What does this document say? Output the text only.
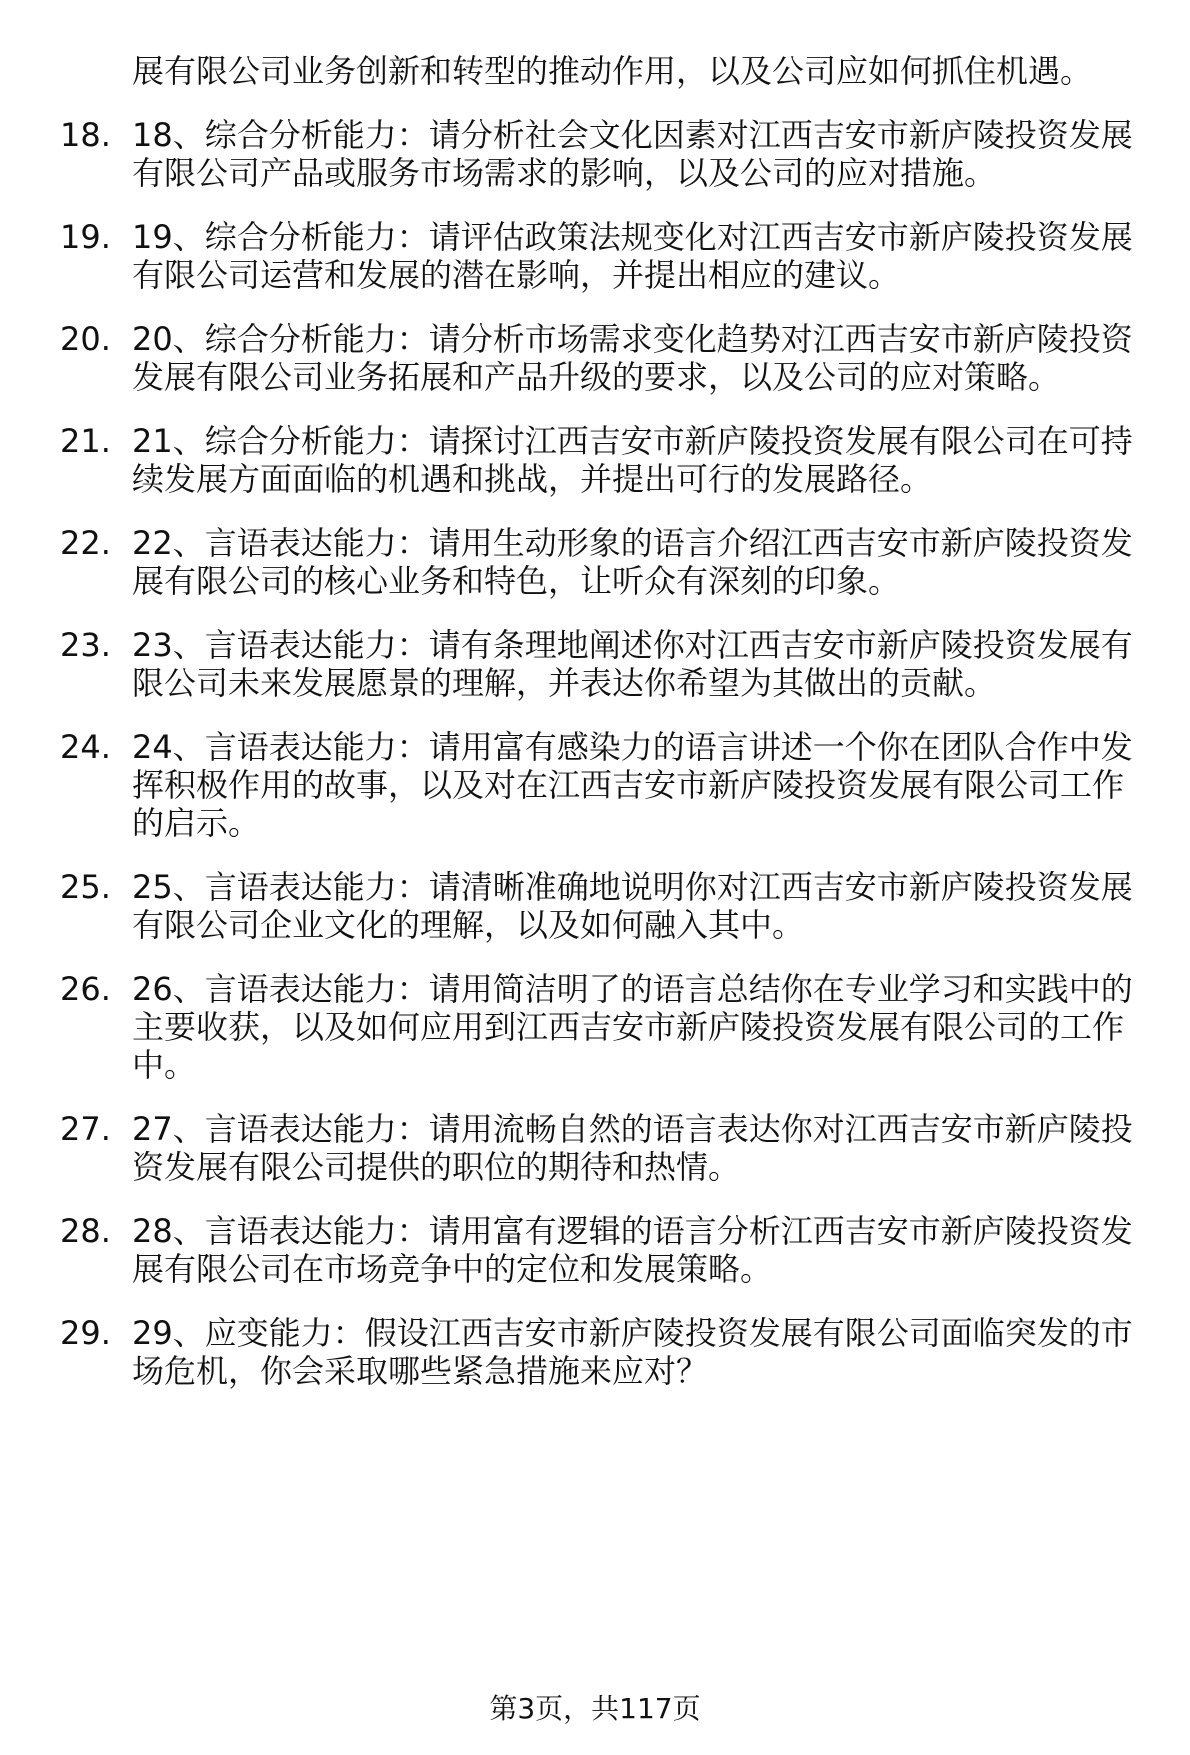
展有限公司业务创新和转型的推动作用，以及公司应如何抓住机遇。
18. 18、综合分析能力：请分析社会文化因素对江西吉安市新庐陵投资发展有限公司产品或服务市场需求的影响，以及公司的应对措施。
19. 19、综合分析能力：请评估政策法规变化对江西吉安市新庐陵投资发展有限公司运营和发展的潜在影响，并提出相应的建议。
20. 20、综合分析能力：请分析市场需求变化趋势对江西吉安市新庐陵投资发展有限公司业务拓展和产品升级的要求，以及公司的应对策略。
21. 21、综合分析能力：请探讨江西吉安市新庐陵投资发展有限公司在可持续发展方面面临的机遇和挑战，并提出可行的发展路径。
22. 22、言语表达能力：请用生动形象的语言介绍江西吉安市新庐陵投资发展有限公司的核心业务和特色，让听众有深刻的印象。
23. 23、言语表达能力：请有条理地阐述你对江西吉安市新庐陵投资发展有限公司未来发展愿景的理解，并表达你希望为其做出的贡献。
24. 24、言语表达能力：请用富有感染力的语言讲述一个你在团队合作中发挥积极作用的故事，以及对在江西吉安市新庐陵投资发展有限公司工作的启示。
25. 25、言语表达能力：请清晰准确地说明你对江西吉安市新庐陵投资发展有限公司企业文化的理解，以及如何融入其中。
26. 26、言语表达能力：请用简洁明了的语言总结你在专业学习和实践中的主要收获，以及如何应用到江西吉安市新庐陵投资发展有限公司的工作中。
27. 27、言语表达能力：请用流畅自然的语言表达你对江西吉安市新庐陵投资发展有限公司提供的职位的期待和热情。
28. 28、言语表达能力：请用富有逻辑的语言分析江西吉安市新庐陵投资发展有限公司在市场竞争中的定位和发展策略。
29. 29、应变能力：假设江西吉安市新庐陵投资发展有限公司面临突发的市场危机，你会采取哪些紧急措施来应对？
第3页，共117页
